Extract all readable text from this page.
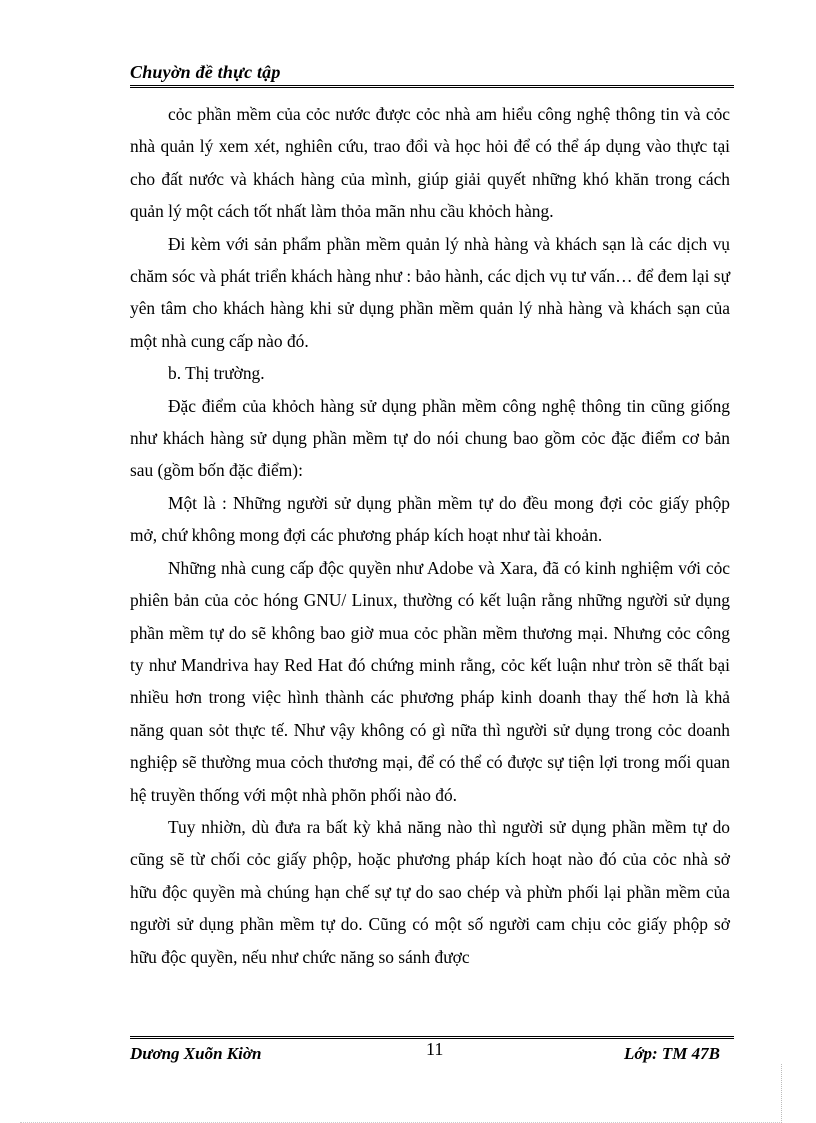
Chuyờn đề thực tập

cỏc phần mềm của cỏc nước được cỏc nhà am hiểu công nghệ thông tin và cỏc nhà quản lý xem xét, nghiên cứu, trao đổi và học hỏi để có thể áp dụng vào thực tại cho đất nước và khách hàng của mình, giúp giải quyết những khó khăn trong cách quản lý một cách tốt nhất làm thỏa mãn nhu cầu khỏch hàng.

Đi kèm với sản phẩm phần mềm quản lý nhà hàng và khách sạn là các dịch vụ chăm sóc và phát triển khách hàng như : bảo hành, các dịch vụ tư vấn… để đem lại sự yên tâm cho khách hàng khi sử dụng phần mềm quản lý nhà hàng và khách sạn của một nhà cung cấp nào đó.

b. Thị trường.

Đặc điểm của khỏch hàng sử dụng phần mềm công nghệ thông tin cũng giống như khách hàng sử dụng phần mềm tự do nói chung bao gồm cỏc đặc điểm cơ bản sau (gồm bốn đặc điểm):

Một là : Những người sử dụng phần mềm tự do đều mong đợi cỏc giấy phộp mở, chứ không mong đợi các phương pháp kích hoạt như tài khoản.

Những nhà cung cấp độc quyền như Adobe và Xara, đã có kinh nghiệm với cỏc phiên bản của cỏc hóng GNU/ Linux, thường có kết luận rằng những người sử dụng phần mềm tự do sẽ không bao giờ mua cỏc phần mềm thương mại. Nhưng cỏc công ty như Mandriva hay Red Hat đó chứng minh rằng, cỏc kết luận như tròn sẽ thất bại nhiều hơn trong việc hình thành các phương pháp kinh doanh thay thế hơn là khả năng quan sỏt thực tế. Như vậy không có gì nữa thì người sử dụng trong cỏc doanh nghiệp sẽ thường mua cỏch thương mại, để có thể có được sự tiện lợi trong mối quan hệ truyền thống với một nhà phõn phối nào đó.

Tuy nhiờn, dù đưa ra bất kỳ khả năng nào thì người sử dụng phần mềm tự do cũng sẽ từ chối cỏc giấy phộp, hoặc phương pháp kích hoạt nào đó của cỏc nhà sở hữu độc quyền mà chúng hạn chế sự tự do sao chép và phừn phối lại phần mềm của người sử dụng phần mềm tự do. Cũng có một số người cam chịu cỏc giấy phộp sở hữu độc quyền, nếu như chức năng so sánh được

Dương Xuõn Kiờn	11	Lớp: TM 47B
